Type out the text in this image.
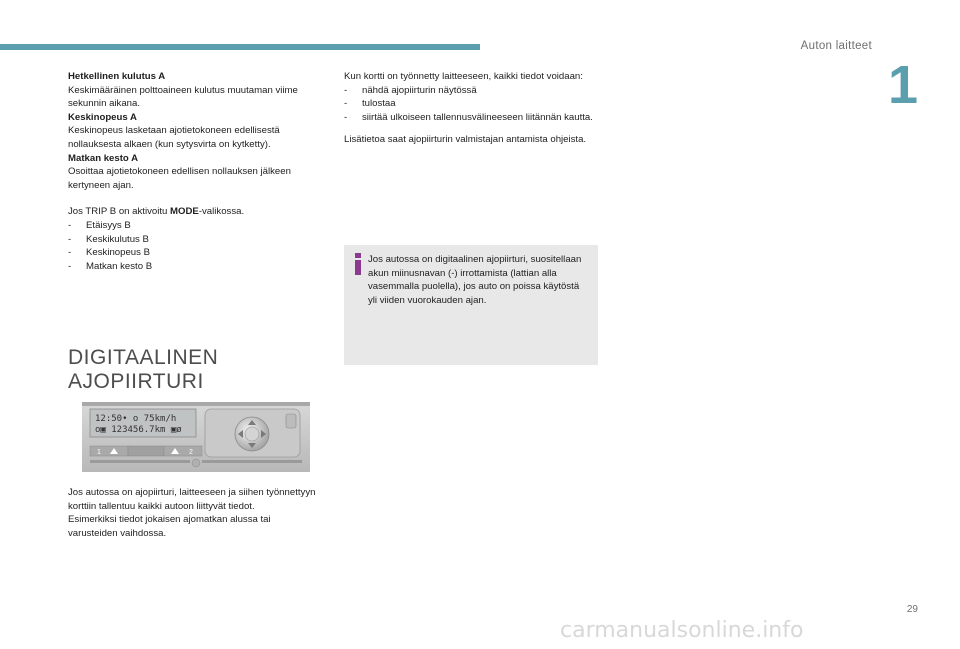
Auton laitteet
1

Hetkellinen kulutus A

Keskimääräinen polttoaineen kulutus muutaman viime sekunnin aikana.

Keskinopeus A

Keskinopeus lasketaan ajotietokoneen edellisestä nollauksesta alkaen (kun sytysvirta on kytketty).

Matkan kesto A

Osoittaa ajotietokoneen edellisen nollauksen jälkeen kertyneen ajan.

Jos TRIP B on aktivoitu MODE-valikossa.

- Etäisyys B
- Keskikulutus B
- Keskinopeus B
- Matkan kesto B
DIGITAALINEN
AJOPIIRTURI
12:50• ο 75km/h
ο▣ 123456.7km ▣ø
1	2

Jos autossa on ajopiirturi, laitteeseen ja siihen työnnettyyn korttiin tallentuu kaikki autoon liittyvät tiedot.

Esimerkiksi tiedot jokaisen ajomatkan alussa tai varusteiden vaihdossa.

Kun kortti on työnnetty laitteeseen, kaikki tiedot voidaan:

- nähdä ajopiirturin näytössä
- tulostaa
- siirtää ulkoiseen tallennusvälineeseen liitännän kautta.

Lisätietoa saat ajopiirturin valmistajan antamista ohjeista.

Jos autossa on digitaalinen ajopiirturi, suositellaan akun miinusnavan (-) irrottamista (lattian alla vasemmalla puolella), jos auto on poissa käytöstä yli viiden vuorokauden ajan.
29
carmanualsonline.info
